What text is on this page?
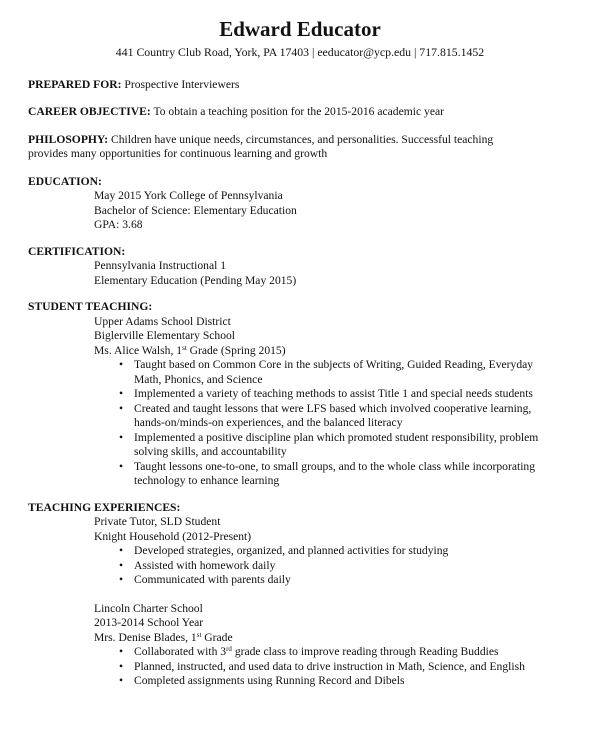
Edward Educator
441 Country Club Road, York, PA 17403 | eeducator@ycp.edu | 717.815.1452
PREPARED FOR: Prospective Interviewers
CAREER OBJECTIVE: To obtain a teaching position for the 2015-2016 academic year
PHILOSOPHY: Children have unique needs, circumstances, and personalities. Successful teaching provides many opportunities for continuous learning and growth
EDUCATION:
May 2015 York College of Pennsylvania
Bachelor of Science: Elementary Education
GPA: 3.68
CERTIFICATION:
Pennsylvania Instructional 1
Elementary Education (Pending May 2015)
STUDENT TEACHING:
Upper Adams School District
Biglerville Elementary School
Ms. Alice Walsh, 1st Grade (Spring 2015)
• Taught based on Common Core in the subjects of Writing, Guided Reading, Everyday Math, Phonics, and Science
• Implemented a variety of teaching methods to assist Title 1 and special needs students
• Created and taught lessons that were LFS based which involved cooperative learning, hands-on/minds-on experiences, and the balanced literacy
• Implemented a positive discipline plan which promoted student responsibility, problem solving skills, and accountability
• Taught lessons one-to-one, to small groups, and to the whole class while incorporating technology to enhance learning
TEACHING EXPERIENCES:
Private Tutor, SLD Student
Knight Household (2012-Present)
• Developed strategies, organized, and planned activities for studying
• Assisted with homework daily
• Communicated with parents daily
Lincoln Charter School
2013-2014 School Year
Mrs. Denise Blades, 1st Grade
• Collaborated with 3rd grade class to improve reading through Reading Buddies
• Planned, instructed, and used data to drive instruction in Math, Science, and English
• Completed assignments using Running Record and Dibels
